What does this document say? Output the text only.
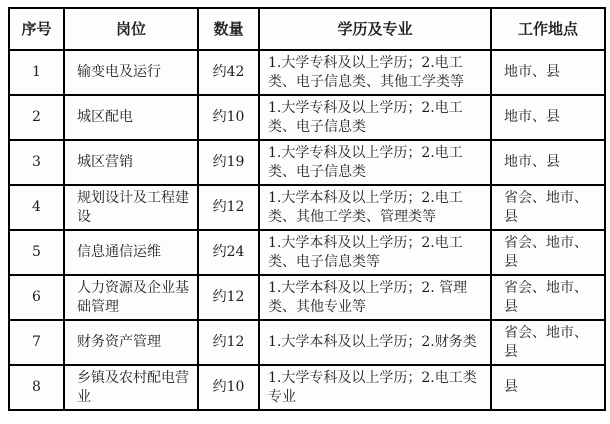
序号	岗位	数量	学历及专业	工作地点
1	输变电及运行	约42	1.大学专科及以上学历；2.电工类、电子信息类、其他工学类等	地市、县
2	城区配电	约10	1.大学专科及以上学历；2.电工类、电子信息类	地市、县
3	城区营销	约19	1.大学专科及以上学历；2.电工类、电子信息类	地市、县
4	规划设计及工程建设	约12	1.大学本科及以上学历；2.电工类、其他工学类、管理类等	省会、地市、县
5	信息通信运维	约24	1.大学本科及以上学历；2.电工类、电子信息类等	省会、地市、县
6	人力资源及企业基础管理	约12	1.大学本科及以上学历；2. 管理类、其他专业等	省会、地市、县
7	财务资产管理	约12	1.大学本科及以上学历；2.财务类	省会、地市、县
8	乡镇及农村配电营业	约10	1.大学专科及以上学历；2.电工类专业	县
